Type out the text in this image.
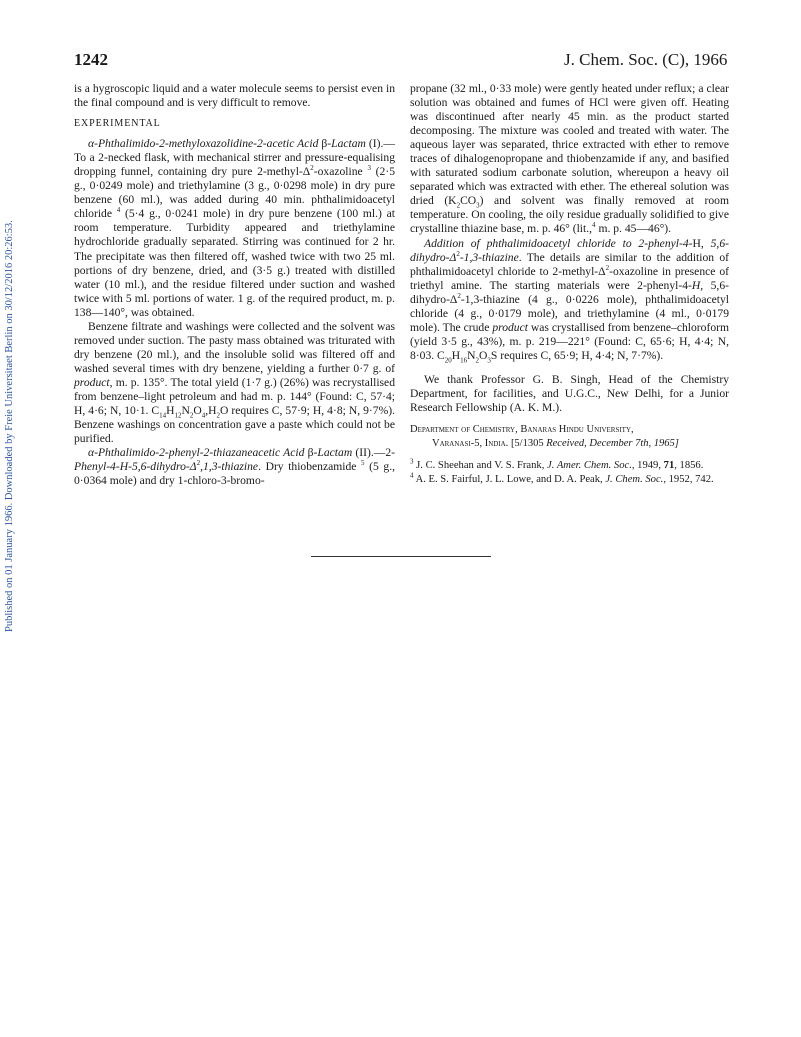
Published on 01 January 1966. Downloaded by Freie Universitaet Berlin on 30/12/2016 20:26:53.
1242	J. Chem. Soc. (C), 1966

is a hygroscopic liquid and a water molecule seems to persist even in the final compound and is very difficult to remove.

EXPERIMENTAL

α-Phthalimido-2-methyloxazolidine-2-acetic Acid β-Lactam (I).—To a 2-necked flask, with mechanical stirrer and pressure-equalising dropping funnel, containing dry pure $2-methyl-\Delta^2$-oxazoline $^3$ (2·5 g., 0·0249 mole) and triethylamine (3 g., 0·0298 mole) in dry pure benzene (60 ml.), was added during 40 min. phthalimidoacetyl chloride $^4$ (5·4 g., 0·0241 mole) in dry pure benzene (100 ml.) at room temperature. Turbidity appeared and triethylamine hydrochloride gradually separated. Stirring was continued for 2 hr. The precipitate was then filtered off, washed twice with two 25 ml. portions of dry benzene, dried, and (3·5 g.) treated with distilled water (10 ml.), and the residue filtered under suction and washed twice with 5 ml. portions of water. 1 g. of the required product, m. p. 138—140°, was obtained.

Benzene filtrate and washings were collected and the solvent was removed under suction. The pasty mass obtained was triturated with dry benzene (20 ml.), and the insoluble solid was filtered off and washed several times with dry benzene, yielding a further 0·7 g. of product, m. p. 135°. The total yield (1·7 g.) (26%) was recrystallised from benzene–light petroleum and had m. p. 144° (Found: C, 57·4; H, 4·6; N, 10·1. $C_{14}H_{12}N_2O_4,H_2O$ requires C, 57·9; H, 4·8; N, 9·7%). Benzene washings on concentration gave a paste which could not be purified.

α-Phthalimido-2-phenyl-2-thiazaneacetic Acid β-Lactam $(II).—2-Phenyl-4-H-5,6-dihydro-\Delta^2,1,3$-thiazine. Dry thiobenzamide $^5$ (5 g., 0·0364 mole) and dry 1-chloro-3-bromo-

propane (32 ml., 0·33 mole) were gently heated under reflux; a clear solution was obtained and fumes of HCl were given off. Heating was discontinued after nearly 45 min. as the product started decomposing. The mixture was cooled and treated with water. The aqueous layer was separated, thrice extracted with ether to remove traces of dihalogenopropane and thiobenzamide if any, and basified with saturated sodium carbonate solution, whereupon a heavy oil separated which was extracted with ether. The ethereal solution was dried $(K_2CO_3)$ and solvent was finally removed at room temperature. On cooling, the oily residue gradually solidified to give crystalline thiazine base, m. p. 46° (lit.,$^4$ m. p. 45—46°).

Addition of phthalimidoacetyl chloride to 2-phenyl-4-H, $5,6-dihydro-\Delta^2-1,3$-thiazine. The details are similar to the addition of phthalimidoacetyl chloride to $2-methyl-\Delta^2$-oxazoline in presence of triethyl amine. The starting materials were 2-phenyl-4-H, $5,6-dihydro-\Delta^2-1,3$-thiazine (4 g., 0·0226 mole), phthalimidoacetyl chloride (4 g., 0·0179 mole), and triethylamine (4 ml., 0·0179 mole). The crude product was crystallised from benzene–chloroform (yield 3·5 g., 43%), m. p. 219—221° (Found: C, 65·6; H, 4·4; N, 8·03. $C_{20}H_{16}N_2O_3S$ requires C, 65·9; H, 4·4; N, 7·7%).

We thank Professor G. B. Singh, Head of the Chemistry Department, for facilities, and U.G.C., New Delhi, for a Junior Research Fellowship (A. K. M.).

Department of Chemistry, Banaras Hindu University,
Varanasi-5, India. [5/1305 Received, December 7th, 1965]

$^3$ J. C. Sheehan and V. S. Frank, J. Amer. Chem. Soc., 1949, 71, 1856.

$^4$ A. E. S. Fairful, J. L. Lowe, and D. A. Peak, J. Chem. Soc., 1952, 742.
